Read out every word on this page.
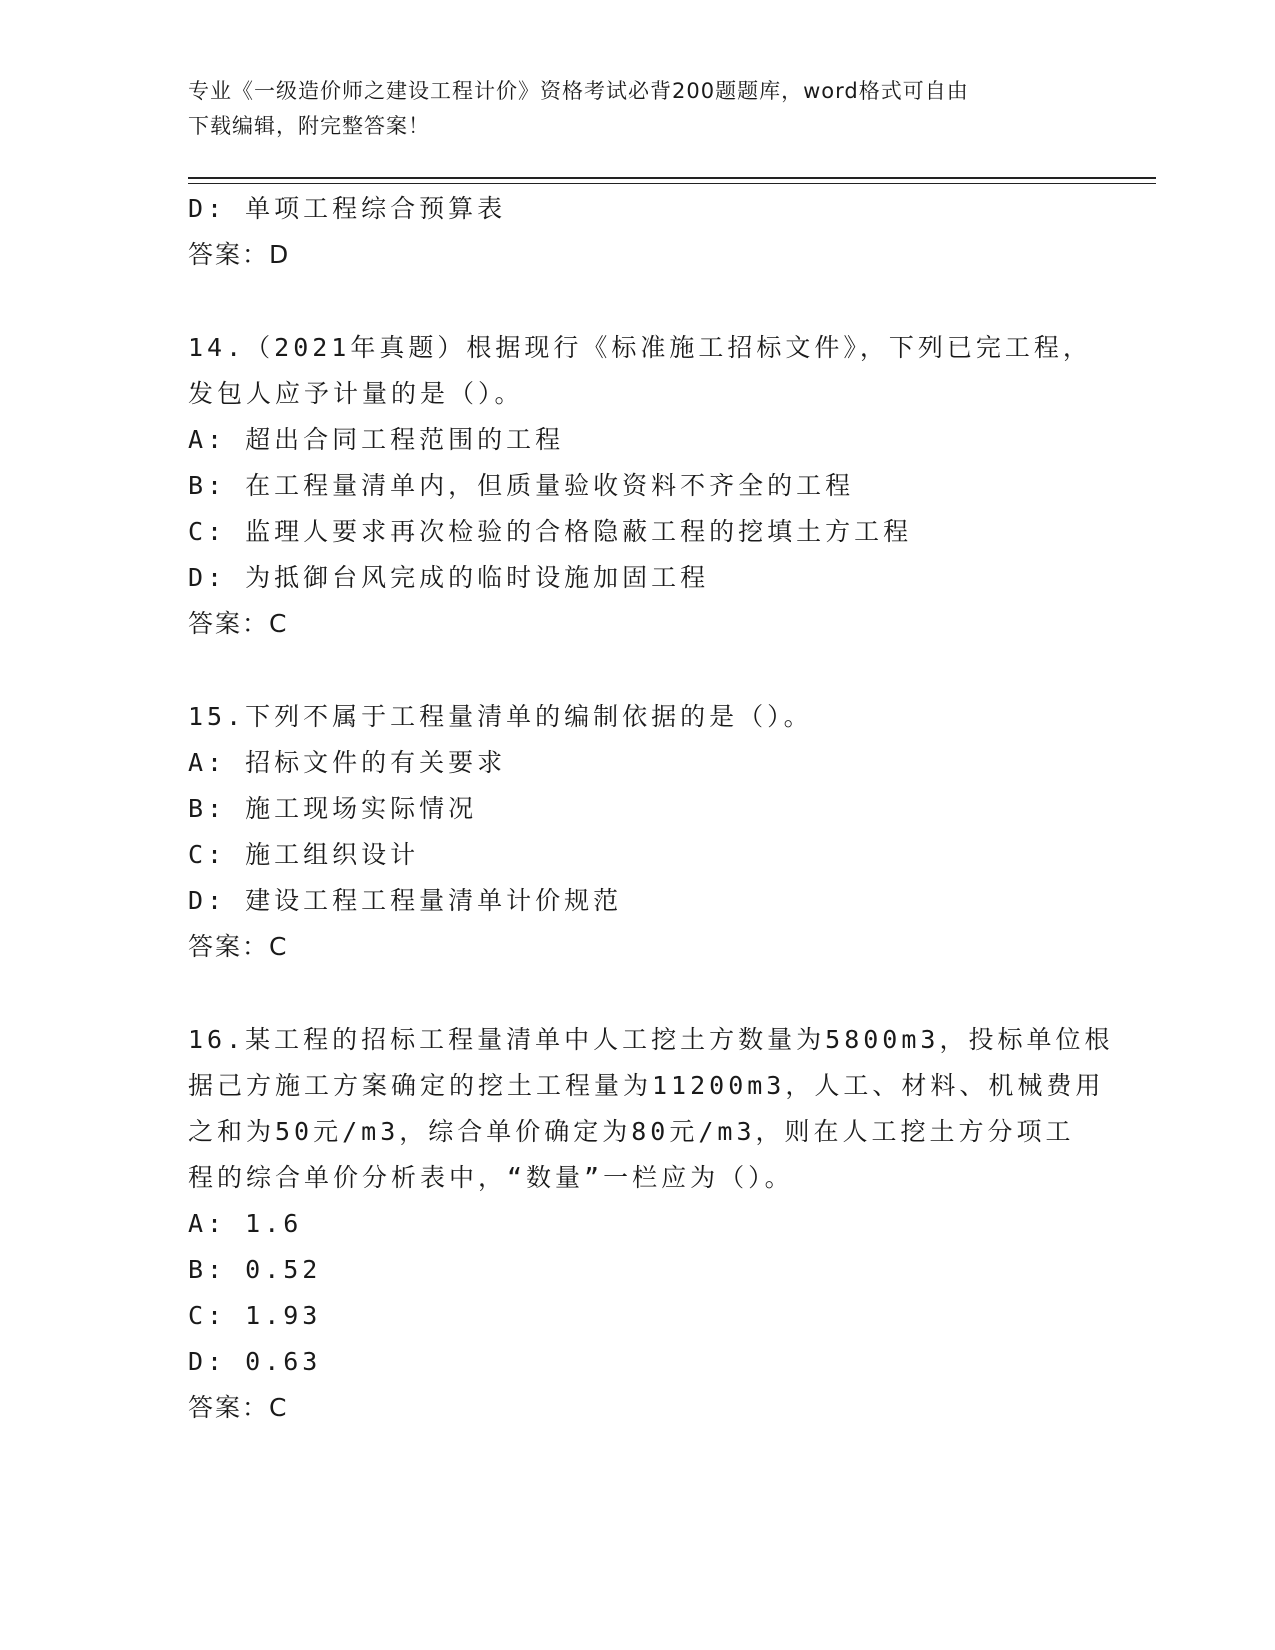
专业《一级造价师之建设工程计价》资格考试必背200题题库，word格式可自由
下载编辑，附完整答案！
D: 单项工程综合预算表
答案：D
14.（2021年真题）根据现行《标准施工招标文件》，下列已完工程，
发包人应予计量的是（）。
A: 超出合同工程范围的工程
B: 在工程量清单内，但质量验收资料不齐全的工程
C: 监理人要求再次检验的合格隐蔽工程的挖填土方工程
D: 为抵御台风完成的临时设施加固工程
答案：C
15.下列不属于工程量清单的编制依据的是（）。
A: 招标文件的有关要求
B: 施工现场实际情况
C: 施工组织设计
D: 建设工程工程量清单计价规范
答案：C
16.某工程的招标工程量清单中人工挖土方数量为5800m3，投标单位根
据己方施工方案确定的挖土工程量为11200m3，人工、材料、机械费用
之和为50元/m3，综合单价确定为80元/m3，则在人工挖土方分项工
程的综合单价分析表中，“数量”一栏应为（）。
A: 1.6
B: 0.52
C: 1.93
D: 0.63
答案：C
